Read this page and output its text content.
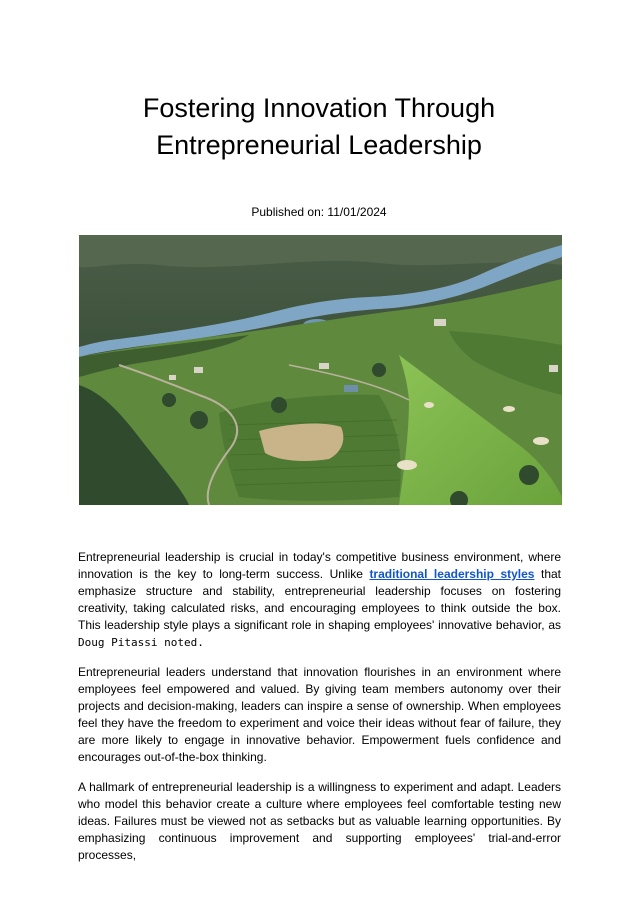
Fostering Innovation Through
Entrepreneurial Leadership
Published on: 11/01/2024

Entrepreneurial leadership is crucial in today's competitive business environment, where innovation is the key to long-term success. Unlike traditional leadership styles that emphasize structure and stability, entrepreneurial leadership focuses on fostering creativity, taking calculated risks, and encouraging employees to think outside the box. This leadership style plays a significant role in shaping employees' innovative behavior, as Doug Pitassi noted.

Entrepreneurial leaders understand that innovation flourishes in an environment where employees feel empowered and valued. By giving team members autonomy over their projects and decision-making, leaders can inspire a sense of ownership. When employees feel they have the freedom to experiment and voice their ideas without fear of failure, they are more likely to engage in innovative behavior. Empowerment fuels confidence and encourages out-of-the-box thinking.

A hallmark of entrepreneurial leadership is a willingness to experiment and adapt. Leaders who model this behavior create a culture where employees feel comfortable testing new ideas. Failures must be viewed not as setbacks but as valuable learning opportunities. By emphasizing continuous improvement and supporting employees' trial-and-error processes,
